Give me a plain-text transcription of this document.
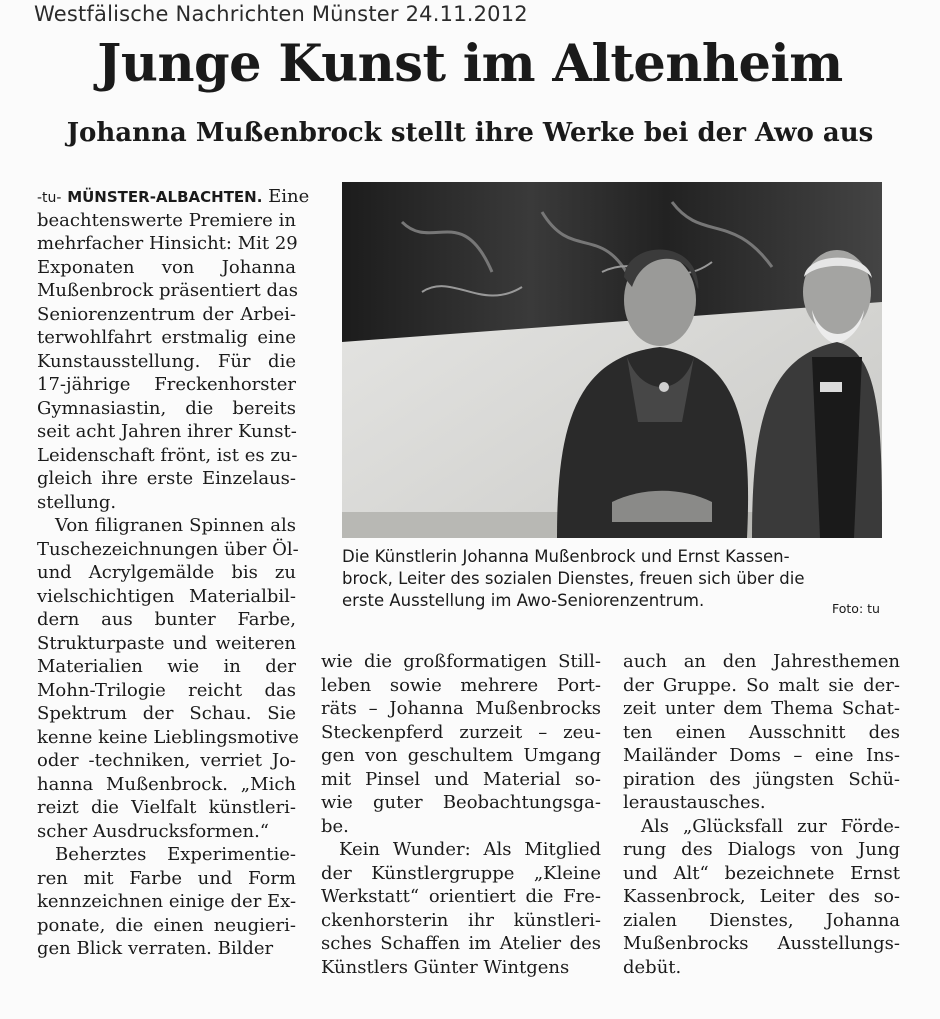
Westfälische Nachrichten Münster 24.11.2012
Junge Kunst im Altenheim
Johanna Mußenbrock stellt ihre Werke bei der Awo aus
-tu- MÜNSTER-ALBACHTEN. Eine
beachtenswerte Premiere in
mehrfacher Hinsicht: Mit 29
Exponaten von Johanna
Mußenbrock präsentiert das
Seniorenzentrum der Arbei-
terwohlfahrt erstmalig eine
Kunstausstellung. Für die
17-jährige Freckenhorster
Gymnasiastin, die bereits
seit acht Jahren ihrer Kunst-
Leidenschaft frönt, ist es zu-
gleich ihre erste Einzelaus-
stellung.
Von filigranen Spinnen als
Tuschezeichnungen über Öl-
und Acrylgemälde bis zu
vielschichtigen Materialbil-
dern aus bunter Farbe,
Strukturpaste und weiteren
Materialien wie in der
Mohn-Trilogie reicht das
Spektrum der Schau. Sie
kenne keine Lieblingsmotive
oder -techniken, verriet Jo-
hanna Mußenbrock. „Mich
reizt die Vielfalt künstleri-
scher Ausdrucksformen.“
Beherztes Experimentie-
ren mit Farbe und Form
kennzeichnen einige der Ex-
ponate, die einen neugieri-
gen Blick verraten. Bilder
Die Künstlerin Johanna Mußenbrock und Ernst Kassen-
brock, Leiter des sozialen Dienstes, freuen sich über die
erste Ausstellung im Awo-Seniorenzentrum.	Foto: tu
wie die großformatigen Still-
leben sowie mehrere Port-
räts – Johanna Mußenbrocks
Steckenpferd zurzeit – zeu-
gen von geschultem Umgang
mit Pinsel und Material so-
wie guter Beobachtungsga-
be.
Kein Wunder: Als Mitglied
der Künstlergruppe „Kleine
Werkstatt“ orientiert die Fre-
ckenhorsterin ihr künstleri-
sches Schaffen im Atelier des
Künstlers Günter Wintgens
auch an den Jahresthemen
der Gruppe. So malt sie der-
zeit unter dem Thema Schat-
ten einen Ausschnitt des
Mailänder Doms – eine Ins-
piration des jüngsten Schü-
leraustausches.
Als „Glücksfall zur Förde-
rung des Dialogs von Jung
und Alt“ bezeichnete Ernst
Kassenbrock, Leiter des so-
zialen Dienstes, Johanna
Mußenbrocks Ausstellungs-
debüt.
